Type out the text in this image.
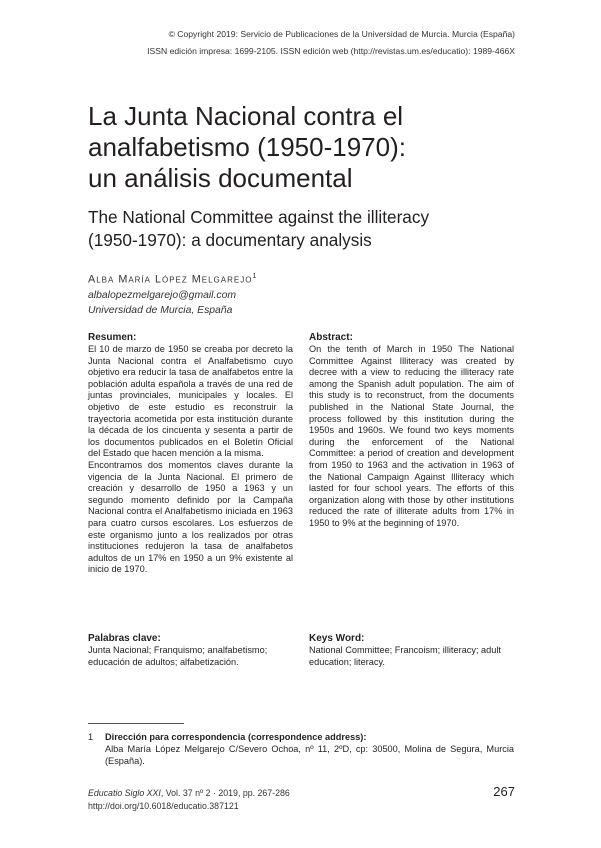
© Copyright 2019: Servicio de Publicaciones de la Universidad de Murcia. Murcia (España)
ISSN edición impresa: 1699-2105. ISSN edición web (http://revistas.um.es/educatio): 1989-466X
La Junta Nacional contra el
analfabetismo (1950-1970):
un análisis documental
The National Committee against the illiteracy
(1950-1970): a documentary analysis
Alba María López Melgarejo$^1$
albalopezmelgarejo@gmail.com
Universidad de Murcia, España
Resumen:
El 10 de marzo de 1950 se creaba por decreto la Junta Nacional contra el Analfabetismo cuyo objetivo era reducir la tasa de analfabetos entre la población adulta española a través de una red de juntas provinciales, municipales y locales. El objetivo de este estudio es reconstruir la trayectoria acometida por esta institución durante la década de los cincuenta y sesenta a partir de los documentos publicados en el Boletín Oficial del Estado que hacen mención a la misma.
Encontramos dos momentos claves durante la vigencia de la Junta Nacional. El primero de creación y desarrollo de 1950 a 1963 y un segundo momento definido por la Campaña Nacional contra el Analfabetismo iniciada en 1963 para cuatro cursos escolares. Los esfuerzos de este organismo junto a los realizados por otras instituciones redujeron la tasa de analfabetos adultos de un 17% en 1950 a un 9% existente al inicio de 1970.
Palabras clave:
Junta Nacional; Franquismo; analfabetismo; educación de adultos; alfabetización.
Abstract:
On the tenth of March in 1950 The National Committee Against Illiteracy was created by decree with a view to reducing the illiteracy rate among the Spanish adult population. The aim of this study is to reconstruct, from the documents published in the National State Journal, the process followed by this institution during the 1950s and 1960s. We found two keys moments during the enforcement of the National Committee: a period of creation and development from 1950 to 1963 and the activation in 1963 of the National Campaign Against Illiteracy which lasted for four school years. The efforts of this organization along with those by other institutions reduced the rate of illiterate adults from 17% in 1950 to 9% at the beginning of 1970.
Keys Word:
National Committee; Francoism; illiteracy; adult education; literacy.
1 Dirección para correspondencia (correspondence address):
Alba María López Melgarejo C/Severo Ochoa, nº 11, 2ºD, cp: 30500, Molina de Segura, Murcia (España).
Educatio Siglo XXI, Vol. 37 nº 2 · 2019, pp. 267-286
http://doi.org/10.6018/educatio.387121
267
